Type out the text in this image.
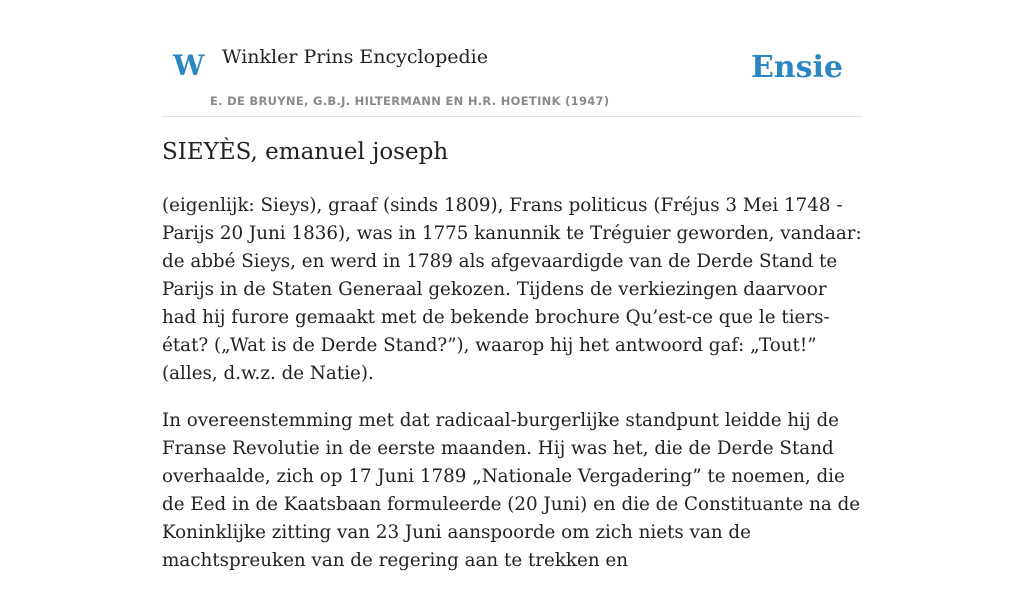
W Winkler Prins Encyclopedie
E. DE BRUYNE, G.B.J. HILTERMANN EN H.R. HOETINK (1947)
Ensie
SIEYÈS, emanuel joseph

(eigenlijk: Sieys), graaf (sinds 1809), Frans politicus (Fréjus 3 Mei 1748 - Parijs 20 Juni 1836), was in 1775 kanunnik te Tréguier geworden, vandaar: de abbé Sieys, en werd in 1789 als afgevaardigde van de Derde Stand te Parijs in de Staten Generaal gekozen. Tijdens de verkiezingen daarvoor had hij furore gemaakt met de bekende brochure Qu’est-ce que le tiers-état? („Wat is de Derde Stand?”), waarop hij het antwoord gaf: „Tout!” (alles, d.w.z. de Natie).

In overeenstemming met dat radicaal-burgerlijke standpunt leidde hij de Franse Revolutie in de eerste maanden. Hij was het, die de Derde Stand overhaalde, zich op 17 Juni 1789 „Nationale Vergadering” te noemen, die de Eed in de Kaatsbaan formuleerde (20 Juni) en die de Constituante na de Koninklijke zitting van 23 Juni aanspoorde om zich niets van de machtspreuken van de regering aan te trekken en
